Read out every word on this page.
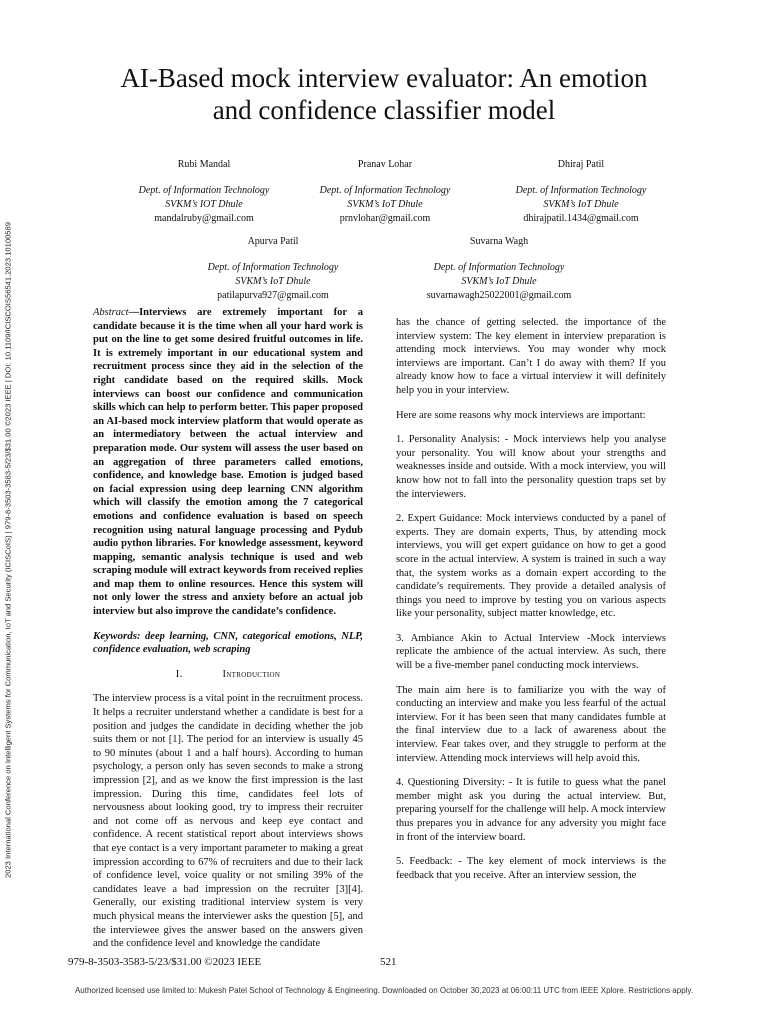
2023 International Conference on Intelligent Systems for Communication, IoT and Security (ICISCoIS) | 979-8-3503-3583-5/23/$31.00 ©2023 IEEE | DOI: 10.1109/ICISCOIS56541.2023.10100589
AI-Based mock interview evaluator: An emotion
and confidence classifier model
Rubi Mandal
Dept. of Information Technology
SVKM’s IOT Dhule
mandalruby@gmail.com
Pranav Lohar
Dept. of Information Technology
SVKM’s IoT Dhule
prnvlohar@gmail.com
Dhiraj Patil
Dept. of Information Technology
SVKM’s IoT Dhule
dhirajpatil.1434@gmail.com
Apurva Patil
Dept. of Information Technology
SVKM’s IoT Dhule
patilapurva927@gmail.com
Suvarna Wagh
Dept. of Information Technology
SVKM’s IoT Dhule
suvarnawagh25022001@gmail.com

Abstract—Interviews are extremely important for a candidate because it is the time when all your hard work is put on the line to get some desired fruitful outcomes in life. It is extremely important in our educational system and recruitment process since they aid in the selection of the right candidate based on the required skills. Mock interviews can boost our confidence and communication skills which can help to perform better. This paper proposed an AI-based mock interview platform that would operate as an intermediatory between the actual interview and preparation mode. Our system will assess the user based on an aggregation of three parameters called emotions, confidence, and knowledge base. Emotion is judged based on facial expression using deep learning CNN algorithm which will classify the emotion among the 7 categorical emotions and confidence evaluation is based on speech recognition using natural language processing and Pydub audio python libraries. For knowledge assessment, keyword mapping, semantic analysis technique is used and web scraping module will extract keywords from received replies and map them to online resources. Hence this system will not only lower the stress and anxiety before an actual job interview but also improve the candidate’s confidence.

Keywords: deep learning, CNN, categorical emotions, NLP, confidence evaluation, web scraping

I.	Introduction

The interview process is a vital point in the recruitment process. It helps a recruiter understand whether a candidate is best for a position and judges the candidate in deciding whether the job suits them or not [1]. The period for an interview is usually 45 to 90 minutes (about 1 and a half hours). According to human psychology, a person only has seven seconds to make a strong impression [2], and as we know the first impression is the last impression. During this time, candidates feel lots of nervousness about looking good, try to impress their recruiter and not come off as nervous and keep eye contact and confidence. A recent statistical report about interviews shows that eye contact is a very important parameter to making a great impression according to 67% of recruiters and due to their lack of confidence level, voice quality or not smiling 39% of the candidates leave a bad impression on the recruiter [3][4]. Generally, our existing traditional interview system is very much physical means the interviewer asks the question [5], and the interviewee gives the answer based on the answers given and the confidence level and knowledge the candidate

has the chance of getting selected. the importance of the interview system: The key element in interview preparation is attending mock interviews. You may wonder why mock interviews are important. Can’t I do away with them? If you already know how to face a virtual interview it will definitely help you in your interview.

Here are some reasons why mock interviews are important:

1. Personality Analysis: - Mock interviews help you analyse your personality. You will know about your strengths and weaknesses inside and outside. With a mock interview, you will know how not to fall into the personality question traps set by the interviewers.

2. Expert Guidance: Mock interviews conducted by a panel of experts. They are domain experts, Thus, by attending mock interviews, you will get expert guidance on how to get a good score in the actual interview. A system is trained in such a way that, the system works as a domain expert according to the candidate’s requirements. They provide a detailed analysis of things you need to improve by testing you on various aspects like your personality, subject matter knowledge, etc.

3. Ambiance Akin to Actual Interview -Mock interviews replicate the ambience of the actual interview. As such, there will be a five-member panel conducting mock interviews.

The main aim here is to familiarize you with the way of conducting an interview and make you less fearful of the actual interview. For it has been seen that many candidates fumble at the final interview due to a lack of awareness about the interview. Fear takes over, and they struggle to perform at the interview. Attending mock interviews will help avoid this.

4. Questioning Diversity: - It is futile to guess what the panel member might ask you during the actual interview. But, preparing yourself for the challenge will help. A mock interview thus prepares you in advance for any adversity you might face in front of the interview board.

5. Feedback: - The key element of mock interviews is the feedback that you receive. After an interview session, the

979-8-3503-3583-5/23/$31.00 ©2023 IEEE	521
Authorized licensed use limited to: Mukesh Patel School of Technology & Engineering. Downloaded on October 30,2023 at 06:00:11 UTC from IEEE Xplore. Restrictions apply.
